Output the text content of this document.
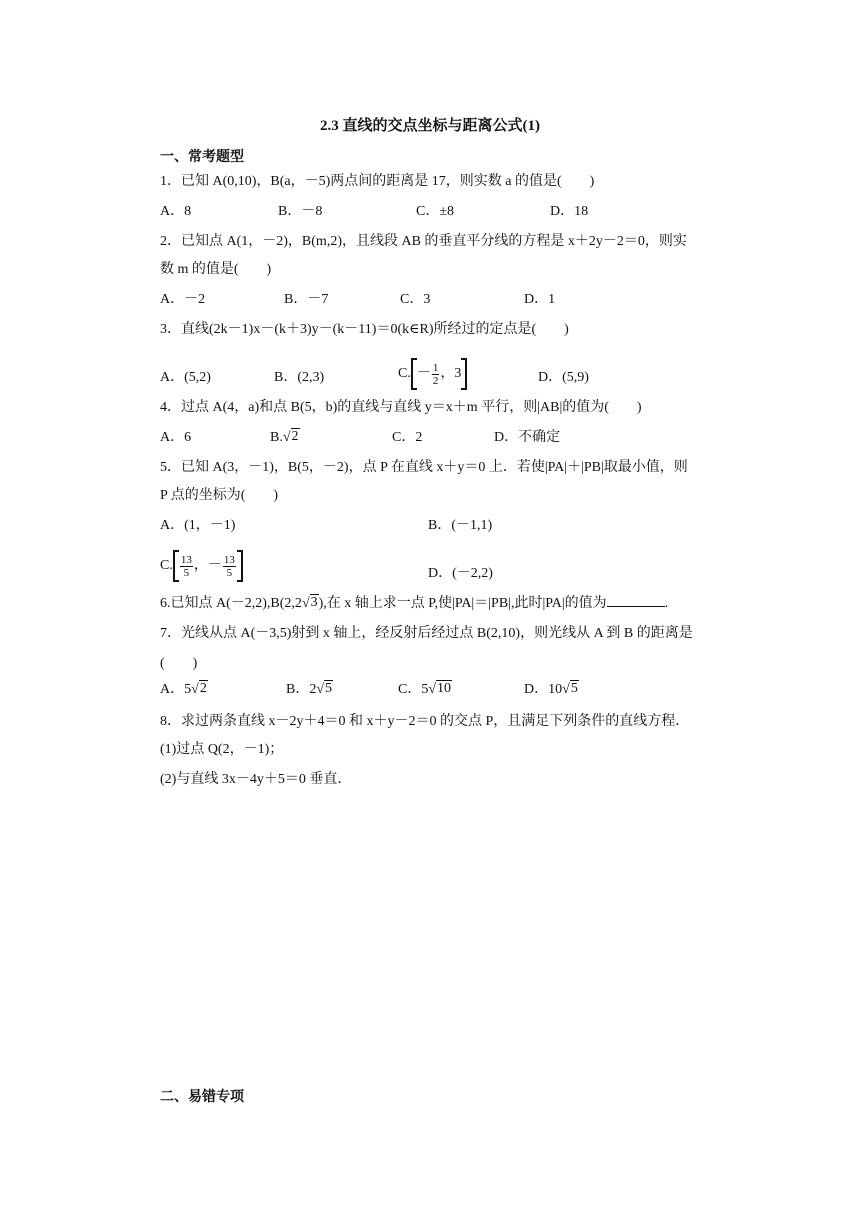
2.3 直线的交点坐标与距离公式(1)
一、常考题型
1．已知 A(0,10)，B(a，－5)两点间的距离是 17，则实数 a 的值是(　　)
A．8	B．－8	C．±8	D．18
2．已知点 A(1，－2)，B(m,2)，且线段 AB 的垂直平分线的方程是 x＋2y－2＝0，则实
数 m 的值是(　　)
A．－2	B．－7	C．3	D．1
3．直线(2k－1)x－(k＋3)y－(k－11)＝0(k∈R)所经过的定点是(　　)
A．(5,2)	B．(2,3)	C. － $\frac{1}{2}$ ， 3	D．(5,9)
4．过点 A(4，a)和点 B(5，b)的直线与直线 y＝x＋m 平行，则|AB|的值为(　　)
A．6	B. √ 2	C．2	D．不确定
5．已知 A(3，－1)，B(5，－2)，点 P 在直线 x＋y＝0 上．若使|PA|＋|PB|取最小值，则
P 点的坐标为(　　)
A．(1，－1)	B．(－1,1)
C. $\frac{13}{5}$ ， － $\frac{13}{5}$	D．(－2,2)
6.已知点 A(－2,2),B(2,2 √ 3 ),在 x 轴上求一点 P,使|PA|＝|PB|,此时|PA|的值为	.
7．光线从点 A(－3,5)射到 x 轴上，经反射后经过点 B(2,10)，则光线从 A 到 B 的距离是
(　　)
A．5 √ 2	B．2 √ 5	C．5 √ 10	D．10 √ 5
8．求过两条直线 x－2y＋4＝0 和 x＋y－2＝0 的交点 P，且满足下列条件的直线方程．
(1)过点 Q(2，－1)；
(2)与直线 3x－4y＋5＝0 垂直．
二、易错专项
